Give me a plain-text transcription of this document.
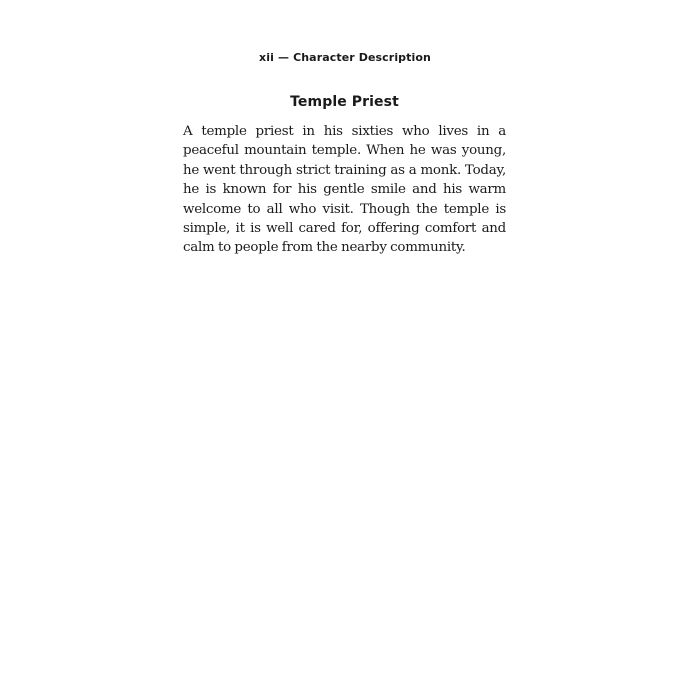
xii — Character Description
Temple Priest

A temple priest in his sixties who lives in a peaceful mountain temple. When he was young, he went through strict training as a monk. Today, he is known for his gentle smile and his warm welcome to all who visit. Though the temple is simple, it is well cared for, offering comfort and calm to people from the nearby community.
